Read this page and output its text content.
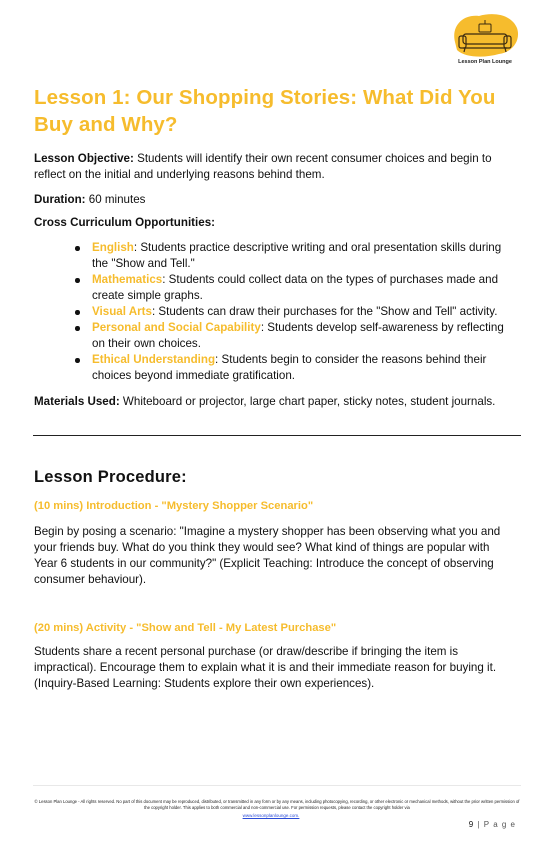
Lesson Plan Lounge
Lesson 1: Our Shopping Stories: What Did You Buy and Why?

Lesson Objective: Students will identify their own recent consumer choices and begin to reflect on the initial and underlying reasons behind them.

Duration: 60 minutes

Cross Curriculum Opportunities:

English: Students practice descriptive writing and oral presentation skills during the "Show and Tell."
Mathematics: Students could collect data on the types of purchases made and create simple graphs.
Visual Arts: Students can draw their purchases for the "Show and Tell" activity.
Personal and Social Capability: Students develop self-awareness by reflecting on their own choices.
Ethical Understanding: Students begin to consider the reasons behind their choices beyond immediate gratification.

Materials Used: Whiteboard or projector, large chart paper, sticky notes, student journals.

Lesson Procedure:
(10 mins) Introduction - "Mystery Shopper Scenario"

Begin by posing a scenario: "Imagine a mystery shopper has been observing what you and your friends buy. What do you think they would see? What kind of things are popular with Year 6 students in our community?" (Explicit Teaching: Introduce the concept of observing consumer behaviour).

(20 mins) Activity - "Show and Tell - My Latest Purchase"

Students share a recent personal purchase (or draw/describe if bringing the item is impractical). Encourage them to explain what it is and their immediate reason for buying it. (Inquiry-Based Learning: Students explore their own experiences).

© Lesson Plan Lounge - All rights reserved. No part of this document may be reproduced, distributed, or transmitted in any form or by any means, including photocopying, recording, or other electronic or mechanical methods, without the prior written permission of the copyright holder. This applies to both commercial and non-commercial use. For permission requests, please contact the copyright holder via
www.lessonplanlounge.com.
9 | P a g e
